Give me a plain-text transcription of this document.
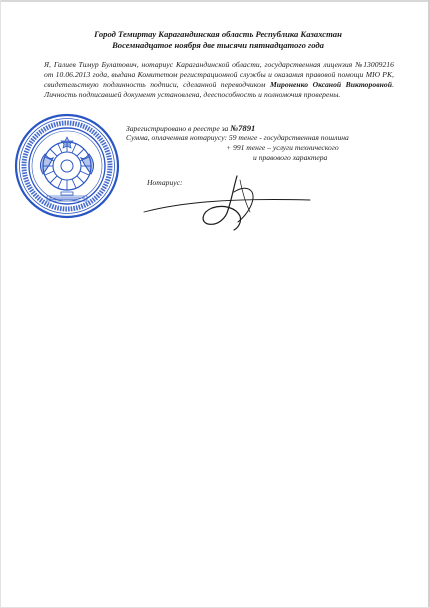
Город Темиртау Карагандинская область Республика Казахстан
Восемнадцатое ноября две тысячи пятнадцатого года
Я, Галиев Тимур Булатович, нотариус Карагандинской области, государственная лицензия №13009216 от 10.06.2013 года, выдана Комитетом регистрационной службы и оказания правовой помощи МЮ РК, свидетельствую подлинность подписи, сделанной переводчиком Мироненко Оксаной Викторовной. Личность подписавшей документ установлена, дееспособность и полномочия проверены.
Зарегистрировано в реестре за №7891
Сумма, оплаченная нотариусу: 59 тенге - государственная пошлина
+ 991 тенге – услуги технического
и правового характера
Нотариус:
